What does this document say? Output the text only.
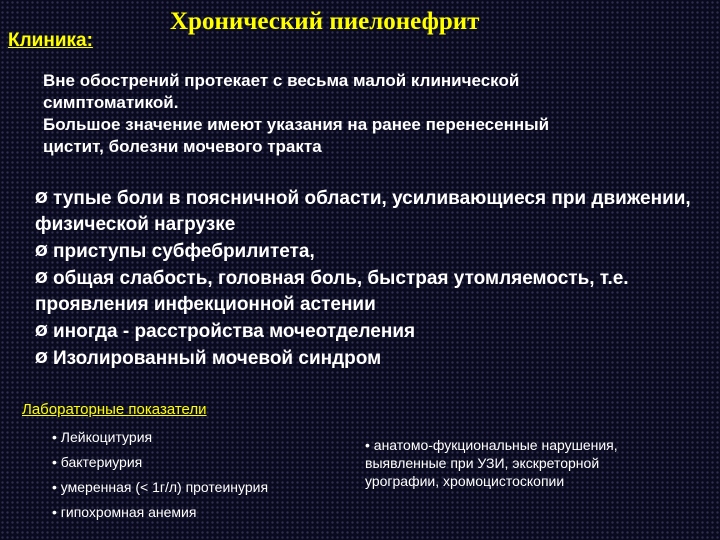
Клиника:
Хронический пиелонефрит
Вне обострений протекает с весьма малой клинической
симптоматикой.
Большое значение имеют указания на ранее перенесенный
цистит, болезни мочевого тракта

Ø тупые боли в поясничной области, усиливающиеся при движении, физической нагрузке

Ø приступы субфебрилитета,

Ø общая слабость, головная боль, быстрая утомляемость, т.е. проявления инфекционной астении

Ø иногда - расстройства мочеотделения

Ø Изолированный мочевой синдром

Лабораторные показатели
• Лейкоцитурия
• бактериурия
• умеренная (< 1г/л) протеинурия
• гипохромная анемия
• анатомо-фукциональные нарушения,
выявленные при УЗИ, экскреторной
урографии, хромоцистоскопии
